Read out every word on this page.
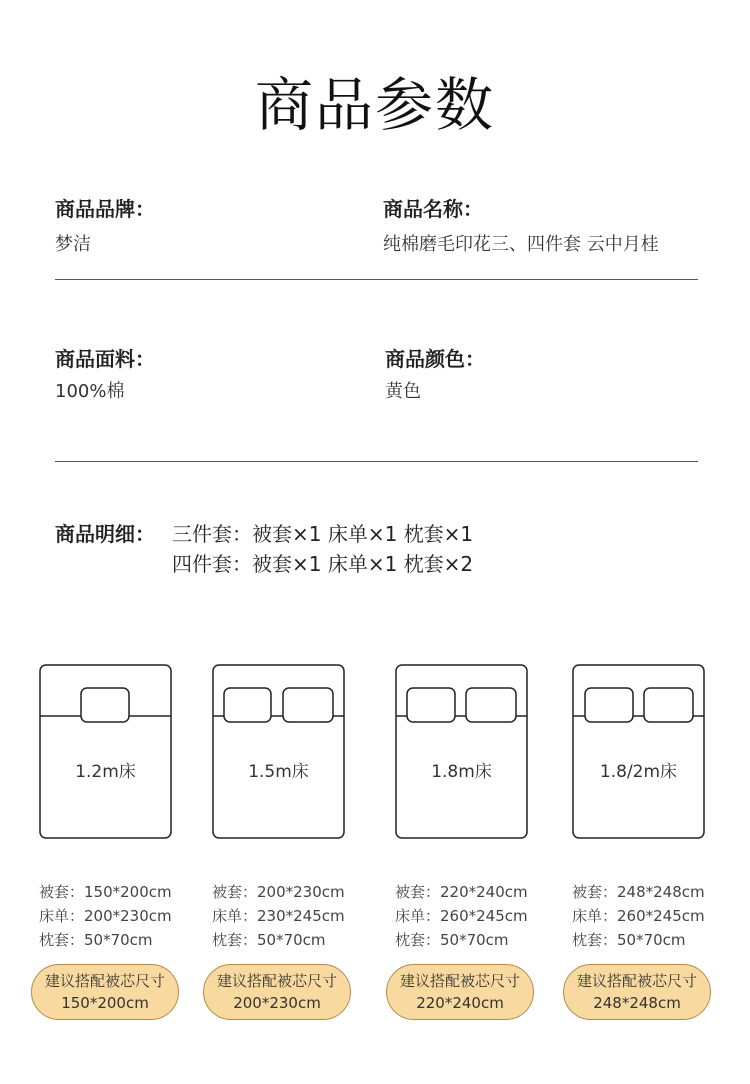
商品参数
商品品牌：
梦洁
商品名称：
纯棉磨毛印花三、四件套 云中月桂
商品面料：
100%棉
商品颜色：
黄色
商品明细： 三件套：被套×1 床单×1 枕套×1
四件套：被套×1 床单×1 枕套×2
1.2m床	1.5m床	1.8m床	1.8/2m床
被套：150*200cm
床单：200*230cm
枕套：50*70cm
被套：200*230cm
床单：230*245cm
枕套：50*70cm
被套：220*240cm
床单：260*245cm
枕套：50*70cm
被套：248*248cm
床单：260*245cm
枕套：50*70cm
建议搭配被芯尺寸
150*200cm
建议搭配被芯尺寸
200*230cm
建议搭配被芯尺寸
220*240cm
建议搭配被芯尺寸
248*248cm
